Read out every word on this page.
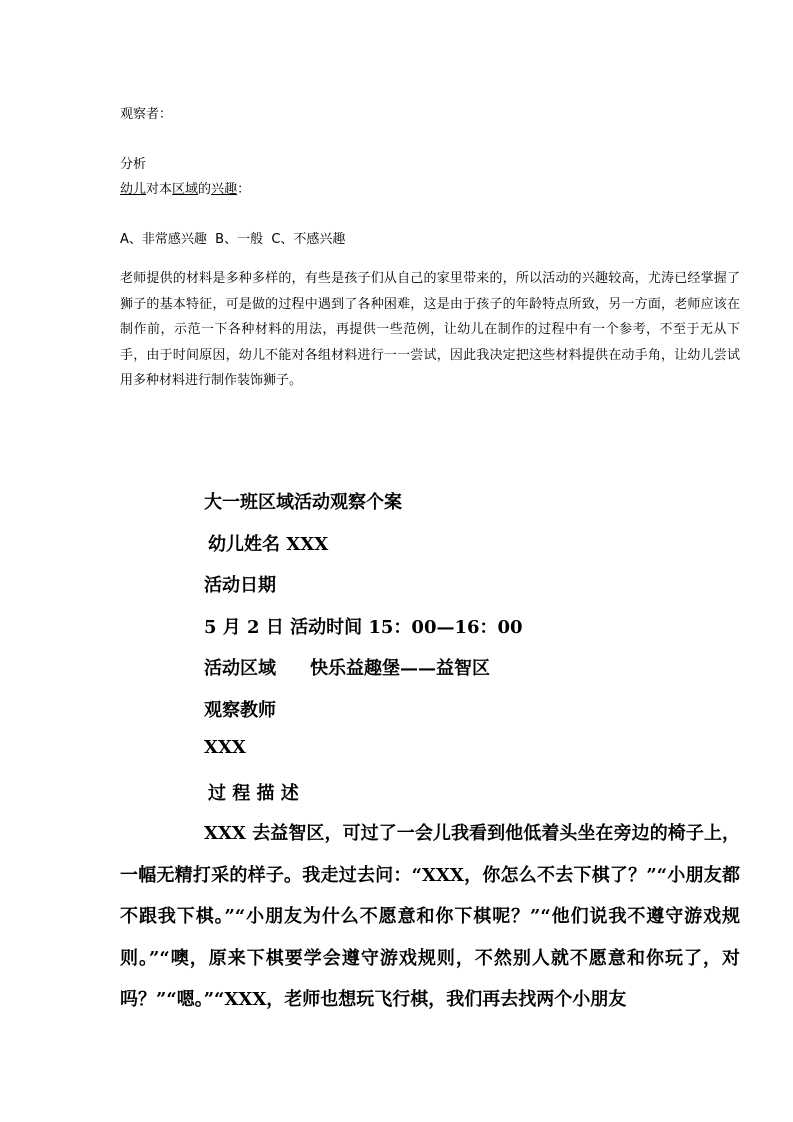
观察者：
分析
幼儿对本区域的兴趣：
A、非常感兴趣  B、一般  C、不感兴趣
老师提供的材料是多种多样的，有些是孩子们从自己的家里带来的，所以活动的兴趣较高，尤涛已经掌握了狮子的基本特征，可是做的过程中遇到了各种困难，这是由于孩子的年龄特点所致，另一方面，老师应该在制作前，示范一下各种材料的用法，再提供一些范例，让幼儿在制作的过程中有一个参考，不至于无从下手，由于时间原因，幼儿不能对各组材料进行一一尝试，因此我决定把这些材料提供在动手角，让幼儿尝试用多种材料进行制作装饰狮子。
大一班区域活动观察个案
幼儿姓名 XXX
活动日期
5 月 2 日 活动时间 15：00—16：00
活动区域 快乐益趣堡——益智区
观察教师
XXX
过 程 描 述
XXX 去益智区，可过了一会儿我看到他低着头坐在旁边的椅子上，一幅无精打采的样子。我走过去问：“XXX，你怎么不去下棋了？”“小朋友都不跟我下棋。”“小朋友为什么不愿意和你下棋呢？”“他们说我不遵守游戏规则。”“噢，原来下棋要学会遵守游戏规则，不然别人就不愿意和你玩了，对吗？”“嗯。”“XXX，老师也想玩飞行棋，我们再去找两个小朋友
